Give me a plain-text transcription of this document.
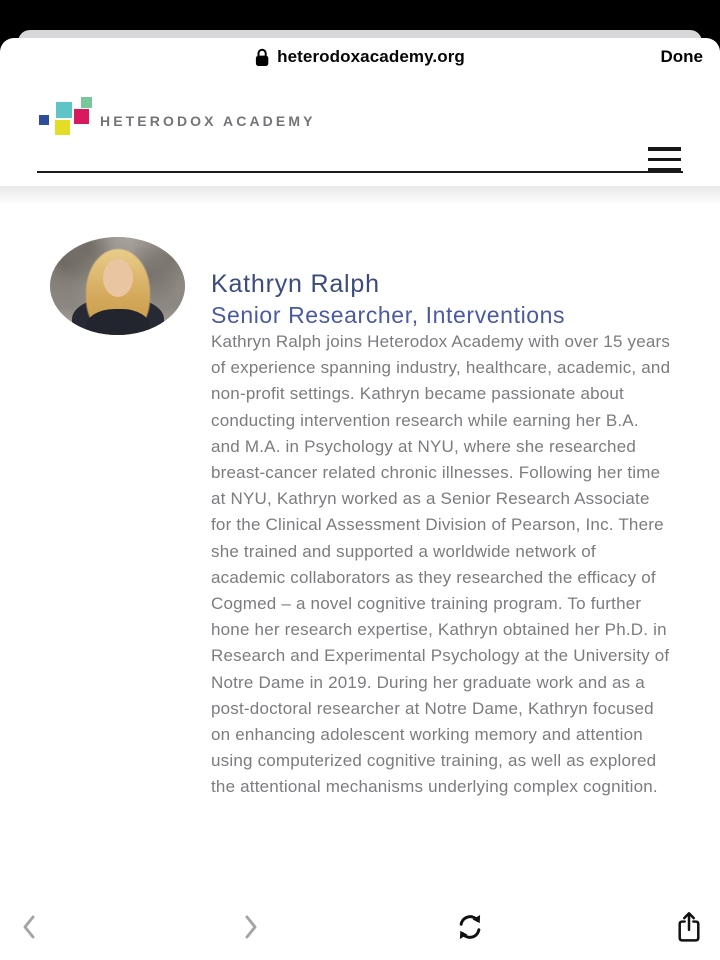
heterodoxacademy.org	Done
HETERODOX ACADEMY
Kathryn Ralph
Senior Researcher, Interventions

Kathryn Ralph joins Heterodox Academy with over 15 years of experience spanning industry, healthcare, academic, and non-profit settings. Kathryn became passionate about conducting intervention research while earning her B.A. and M.A. in Psychology at NYU, where she researched breast-cancer related chronic illnesses. Following her time at NYU, Kathryn worked as a Senior Research Associate for the Clinical Assessment Division of Pearson, Inc. There she trained and supported a worldwide network of academic collaborators as they researched the efficacy of Cogmed – a novel cognitive training program. To further hone her research expertise, Kathryn obtained her Ph.D. in Research and Experimental Psychology at the University of Notre Dame in 2019. During her graduate work and as a post-doctoral researcher at Notre Dame, Kathryn focused on enhancing adolescent working memory and attention using computerized cognitive training, as well as explored the attentional mechanisms underlying complex cognition.
